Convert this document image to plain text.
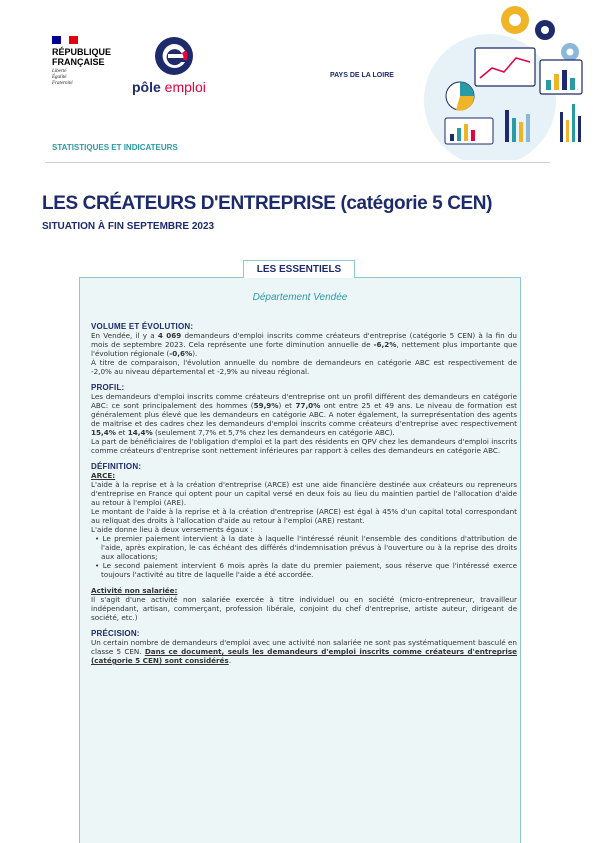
RÉPUBLIQUE FRANÇAISE
Liberté
Égalité
Fraternité	pôle emploi
PAYS DE LA LOIRE
STATISTIQUES ET INDICATEURS
LES CRÉATEURS D'ENTREPRISE (catégorie 5 CEN)
SITUATION À FIN SEPTEMBRE 2023
LES ESSENTIELS
Département Vendée

VOLUME ET ÉVOLUTION:

En Vendée, il y a 4 069 demandeurs d'emploi inscrits comme créateurs d'entreprise (catégorie 5 CEN) à la fin du mois de septembre 2023. Cela représente une forte diminution annuelle de -6,2%, nettement plus importante que l'évolution régionale (-0,6%).

À titre de comparaison, l'évolution annuelle du nombre de demandeurs en catégorie ABC est respectivement de -2,0% au niveau départemental et -2,9% au niveau régional.

PROFIL:

Les demandeurs d'emploi inscrits comme créateurs d'entreprise ont un profil différent des demandeurs en catégorie ABC: ce sont principalement des hommes (59,9%) et 77,0% ont entre 25 et 49 ans. Le niveau de formation est généralement plus élevé que les demandeurs en catégorie ABC. A noter également, la surreprésentation des agents de maitrise et des cadres chez les demandeurs d'emploi inscrits comme créateurs d'entreprise avec respectivement 15,4% et 14,4% (seulement 7,7% et 5,7% chez les demandeurs en catégorie ABC).

La part de bénéficiaires de l'obligation d'emploi et la part des résidents en QPV chez les demandeurs d'emploi inscrits comme créateurs d'entreprise sont nettement inférieures par rapport à celles des demandeurs en catégorie ABC.

DÉFINITION:

ARCE:

L'aide à la reprise et à la création d'entreprise (ARCE) est une aide financière destinée aux créateurs ou repreneurs d'entreprise en France qui optent pour un capital versé en deux fois au lieu du maintien partiel de l'allocation d'aide au retour à l'emploi (ARE).

Le montant de l'aide à la reprise et à la création d'entreprise (ARCE) est égal à 45% d'un capital total correspondant au reliquat des droits à l'allocation d'aide au retour à l'emploi (ARE) restant.

L'aide donne lieu à deux versements égaux :

• Le premier paiement intervient à la date à laquelle l'intéressé réunit l'ensemble des conditions d'attribution de l'aide, après expiration, le cas échéant des différés d'indemnisation prévus à l'ouverture ou à la reprise des droits aux allocations;

• Le second paiement intervient 6 mois après la date du premier paiement, sous réserve que l'intéressé exerce toujours l'activité au titre de laquelle l'aide a été accordée.

Activité non salariée:

Il s'agit d'une activité non salariée exercée à titre individuel ou en société (micro-entrepreneur, travailleur indépendant, artisan, commerçant, profession libérale, conjoint du chef d'entreprise, artiste auteur, dirigeant de société, etc.)

PRÉCISION:

Un certain nombre de demandeurs d'emploi avec une activité non salariée ne sont pas systématiquement basculé en classe 5 CEN. Dans ce document, seuls les demandeurs d'emploi inscrits comme créateurs d'entreprise (catégorie 5 CEN) sont considérés.
